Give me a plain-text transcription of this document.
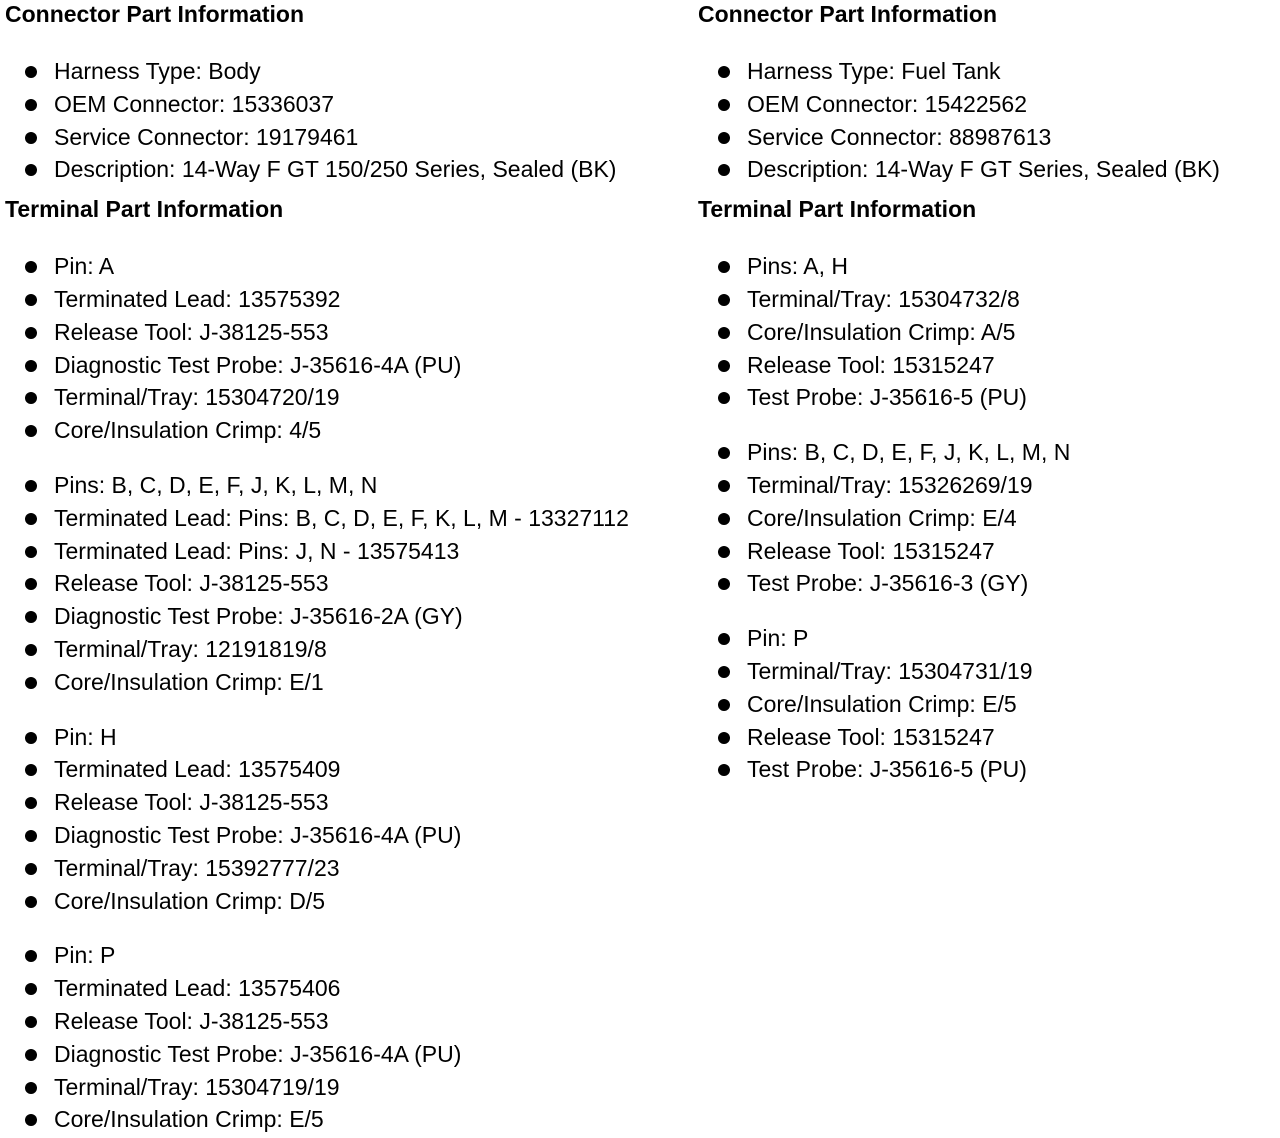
Connector Part Information
Harness Type: Body
OEM Connector: 15336037
Service Connector: 19179461
Description: 14-Way F GT 150/250 Series, Sealed (BK)
Terminal Part Information
Pin: A
Terminated Lead: 13575392
Release Tool: J-38125-553
Diagnostic Test Probe: J-35616-4A (PU)
Terminal/Tray: 15304720/19
Core/Insulation Crimp: 4/5
Pins: B, C, D, E, F, J, K, L, M, N
Terminated Lead: Pins: B, C, D, E, F, K, L, M - 13327112
Terminated Lead: Pins: J, N - 13575413
Release Tool: J-38125-553
Diagnostic Test Probe: J-35616-2A (GY)
Terminal/Tray: 12191819/8
Core/Insulation Crimp: E/1
Pin: H
Terminated Lead: 13575409
Release Tool: J-38125-553
Diagnostic Test Probe: J-35616-4A (PU)
Terminal/Tray: 15392777/23
Core/Insulation Crimp: D/5
Pin: P
Terminated Lead: 13575406
Release Tool: J-38125-553
Diagnostic Test Probe: J-35616-4A (PU)
Terminal/Tray: 15304719/19
Core/Insulation Crimp: E/5
Connector Part Information
Harness Type: Fuel Tank
OEM Connector: 15422562
Service Connector: 88987613
Description: 14-Way F GT Series, Sealed (BK)
Terminal Part Information
Pins: A, H
Terminal/Tray: 15304732/8
Core/Insulation Crimp: A/5
Release Tool: 15315247
Test Probe: J-35616-5 (PU)
Pins: B, C, D, E, F, J, K, L, M, N
Terminal/Tray: 15326269/19
Core/Insulation Crimp: E/4
Release Tool: 15315247
Test Probe: J-35616-3 (GY)
Pin: P
Terminal/Tray: 15304731/19
Core/Insulation Crimp: E/5
Release Tool: 15315247
Test Probe: J-35616-5 (PU)
